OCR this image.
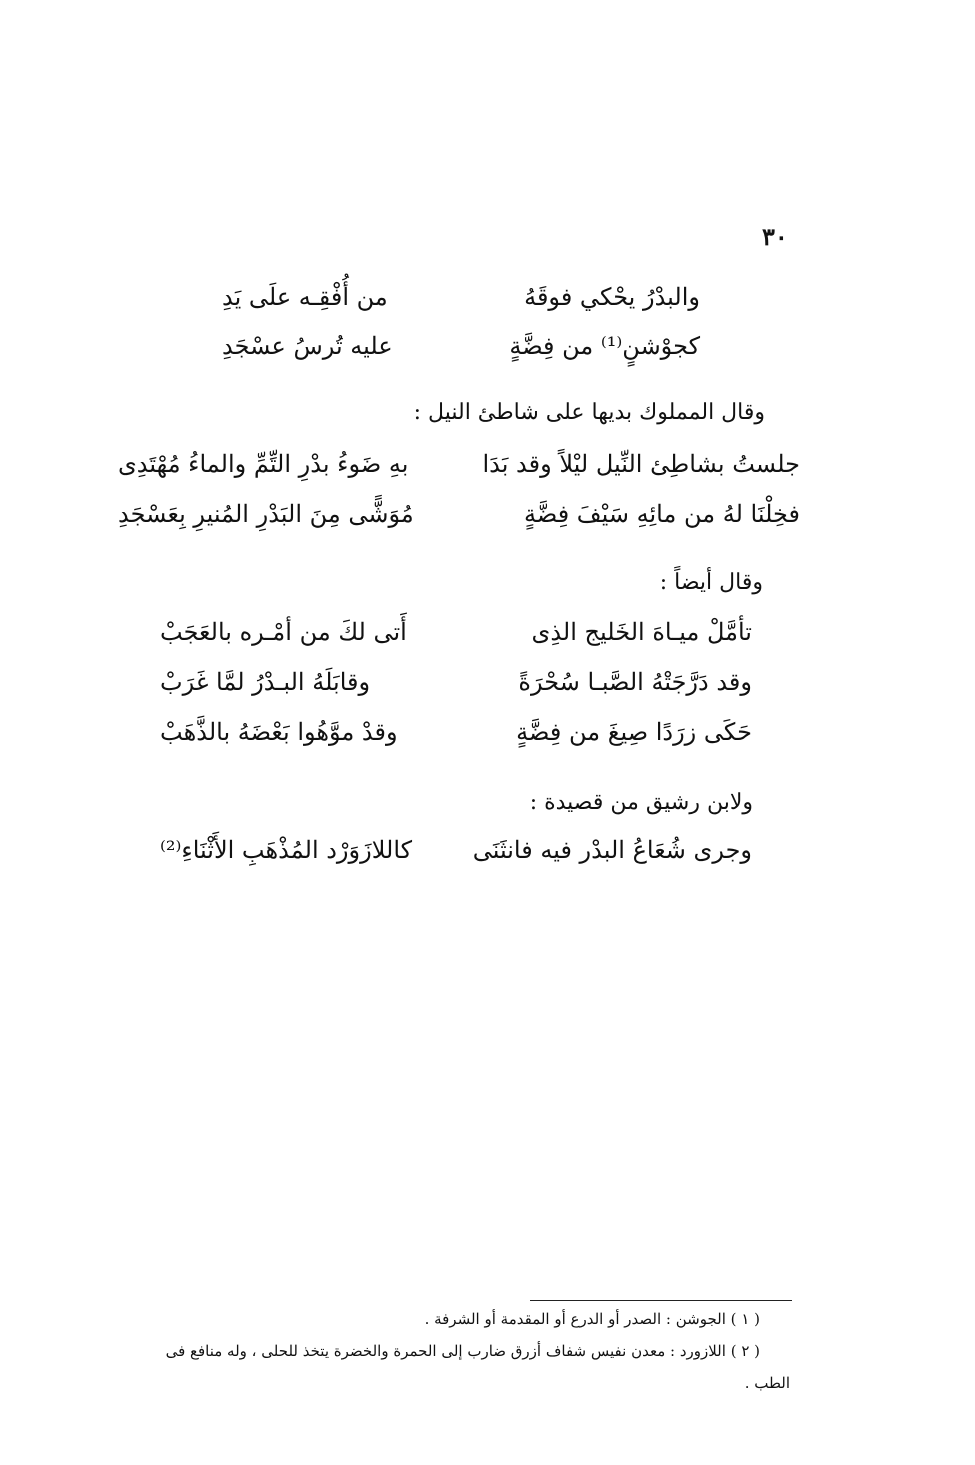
٣٠
والبدْرُ يحْكي فوقَهُ
من أُفْقِـه علَى يَدِ
كجوْشنٍ⁽¹⁾ من فِضَّةٍ
عليه تُرسُ عسْجَدِ
وقال المملوك بديها على شاطئ النيل :
جلستُ بشاطِئ النِّيل ليْلاً وقد بَدَا
بهِ ضَوءُ بدْرِ التِّمِّ والماءُ مُهْتَدِى
فخِلْنَا لهُ من مائِهِ سَيْفَ فِضَّةٍ
مُوَشًّى مِنَ البَدْرِ المُنيرِ بِعَسْجَدِ
وقال أيضاً :
تأمَّلْ ميـاهَ الخَليج الذِى
أَتى لكَ من أمْـره بالعَجَبْ
وقد دَرَّجَتْهُ الصَّبـا سُحْرَةً
وقابَلَهُ البـدْرُ لمَّا غَرَبْ
حَكَى زرَدًا صِيغَ من فِضَّةٍ
وقدْ موَّهُوا بَعْضَهُ بالذَّهَبْ
ولابن رشيق من قصيدة :
وجرى شُعَاعُ البدْر فيه فانثَنَى
كاللازَوَرْد المُذْهَبِ الأَثْنَاءِ⁽²⁾
( ١ ) الجوشن : الصدر أو الدرع أو المقدمة أو الشرفة .
( ٢ ) اللازورد : معدن نفيس شفاف أزرق ضارب إلى الحمرة والخضرة يتخذ للحلى ، وله منافع فى
الطب .
